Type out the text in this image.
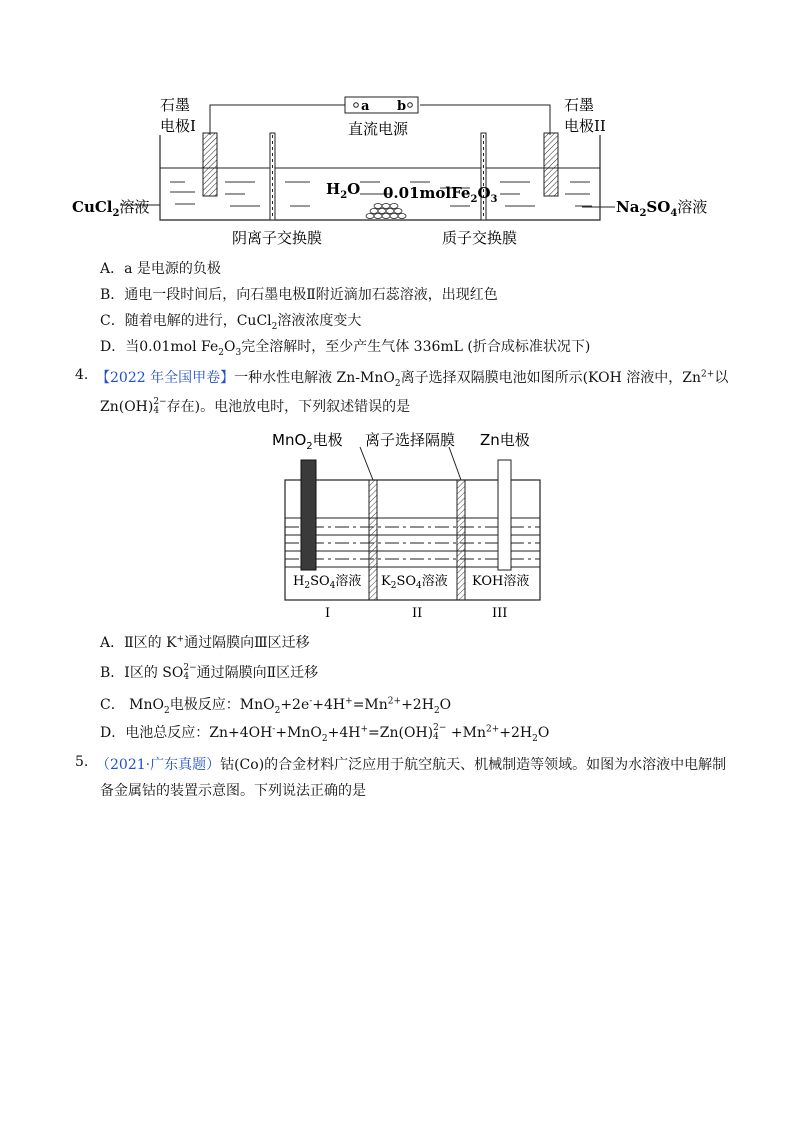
石墨
电极I
石墨
电极II
a b
直流电源
$H_2O$ $0.01molFe_2O_3$
CuCl$_2$溶液	$Na_2SO_4$溶液
阴离子交换膜	质子交换膜
A．a 是电源的负极
B．通电一段时间后，向石墨电极Ⅱ附近滴加石蕊溶液，出现红色
C．随着电解的进行，CuCl$_2$溶液浓度变大
D．当0.01mol $Fe_2O_3$完全溶解时，至少产生气体 336mL (折合成标准状况下)
4. 【2022 年全国甲卷】一种水性电解液 Zn-MnO$_2$离子选择双隔膜电池如图所示(KOH 溶液中，$Zn^{2+}$以
Zn(OH)2−
4 存在)。电池放电时，下列叙述错误的是
MnO$_2$电极 离子选择隔膜 Zn电极
$H_2SO_4$溶液 $K_2SO_4$溶液 KOH溶液
I	II	III
A．Ⅱ区的 K+通过隔膜向Ⅲ区迁移
B．Ⅰ区的 SO2−
4 通过隔膜向Ⅱ区迁移
C． MnO$_2$电极反应：$MnO_2+2e^-+4H^+=Mn^{2+}+2H_2O$
D．电池总反应：Zn+4OH-+MnO$_2$+4H+=Zn(OH)2−
$4 +Mn^{2+}+2H_2O$
5. （2021·广东真题）钴(Co)的合金材料广泛应用于航空航天、机械制造等领域。如图为水溶液中电解制
备金属钴的装置示意图。下列说法正确的是
